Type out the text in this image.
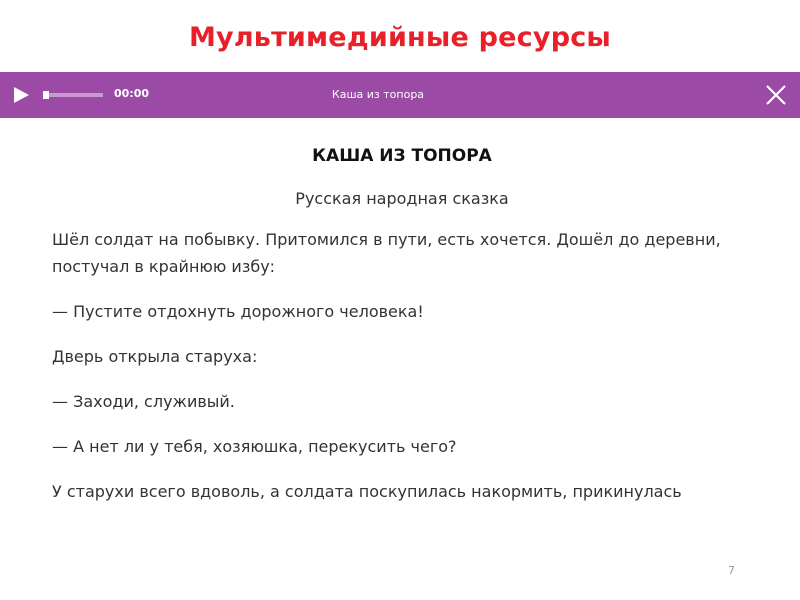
Мультимедийные ресурсы
00:00	Каша из топора
КАША ИЗ ТОПОРА
Русская народная сказка

Шёл солдат на побывку. Притомился в пути, есть хочется. Дошёл до деревни, постучал в крайнюю избу:

— Пустите отдохнуть дорожного человека!

Дверь открыла старуха:

— Заходи, служивый.

— А нет ли у тебя, хозяюшка, перекусить чего?

У старухи всего вдоволь, а солдата поскупилась накормить, прикинулась

7
